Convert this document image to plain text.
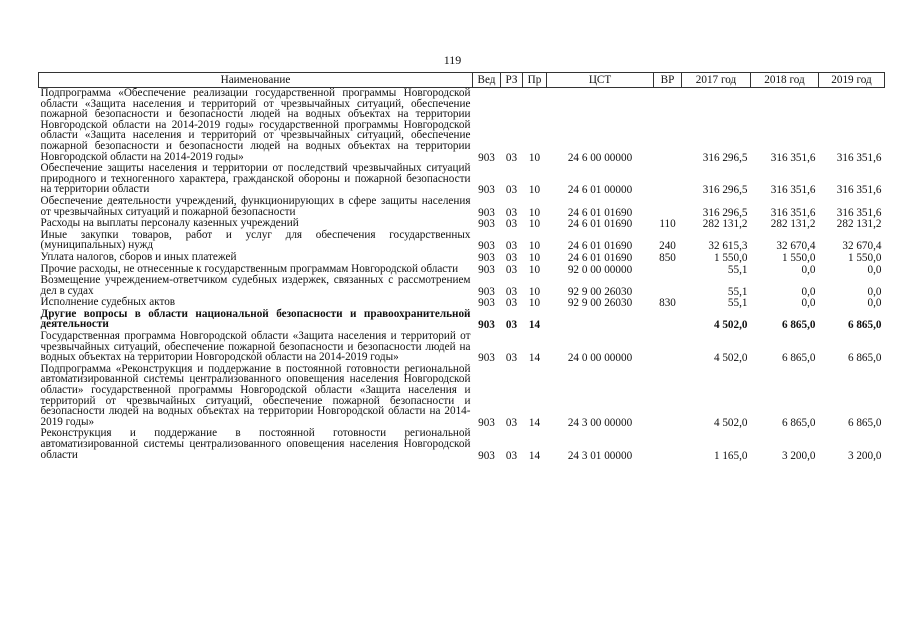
119
Наименование	Вед	РЗ	Пр	ЦСТ	ВР	2017 год	2018 год	2019 год
Подпрограмма «Обеспечение реализации государственной программы Новгородской области «Защита населения и территорий от чрезвычайных ситуаций, обеспечение пожарной безопасности и безопасности людей на водных объектах на территории Новгородской области на 2014-2019 годы» государственной программы Новгородской области «Защита населения и территорий от чрезвычайных ситуаций, обеспечение пожарной безопасности и безопасности людей на водных объектах на территории Новгородской области на 2014-2019 годы»	903	03	10	24 6 00 00000		316 296,5	316 351,6	316 351,6
Обеспечение защиты населения и территории от последствий чрезвычайных ситуаций природного и техногенного характера, гражданской обороны и пожарной безопасности на территории области	903	03	10	24 6 01 00000		316 296,5	316 351,6	316 351,6
Обеспечение деятельности учреждений, функционирующих в сфере защиты населения от чрезвычайных ситуаций и пожарной безопасности	903	03	10	24 6 01 01690		316 296,5	316 351,6	316 351,6
Расходы на выплаты персоналу казенных учреждений	903	03	10	24 6 01 01690	110	282 131,2	282 131,2	282 131,2
Иные закупки товаров, работ и услуг для обеспечения государственных (муниципальных) нужд	903	03	10	24 6 01 01690	240	32 615,3	32 670,4	32 670,4
Уплата налогов, сборов и иных платежей	903	03	10	24 6 01 01690	850	1 550,0	1 550,0	1 550,0
Прочие расходы, не отнесенные к государственным программам Новгородской области	903	03	10	92 0 00 00000		55,1	0,0	0,0
Возмещение учреждением-ответчиком судебных издержек, связанных с рассмотрением дел в судах	903	03	10	92 9 00 26030		55,1	0,0	0,0
Исполнение судебных актов	903	03	10	92 9 00 26030	830	55,1	0,0	0,0
Другие вопросы в области национальной безопасности и правоохранительной деятельности	903	03	14			4 502,0	6 865,0	6 865,0
Государственная программа Новгородской области «Защита населения и территорий от чрезвычайных ситуаций, обеспечение пожарной безопасности и безопасности людей на водных объектах на территории Новгородской области на 2014-2019 годы»	903	03	14	24 0 00 00000		4 502,0	6 865,0	6 865,0
Подпрограмма «Реконструкция и поддержание в постоянной готовности региональной автоматизированной системы централизованного оповещения населения Новгородской области» государственной программы Новгородской области «Защита населения и территорий от чрезвычайных ситуаций, обеспечение пожарной безопасности и безопасности людей на водных объектах на территории Новгородской области на 2014-2019 годы»	903	03	14	24 3 00 00000		4 502,0	6 865,0	6 865,0
Реконструкция и поддержание в постоянной готовности региональной автоматизированной системы централизованного оповещения населения Новгородской области	903	03	14	24 3 01 00000		1 165,0	3 200,0	3 200,0
